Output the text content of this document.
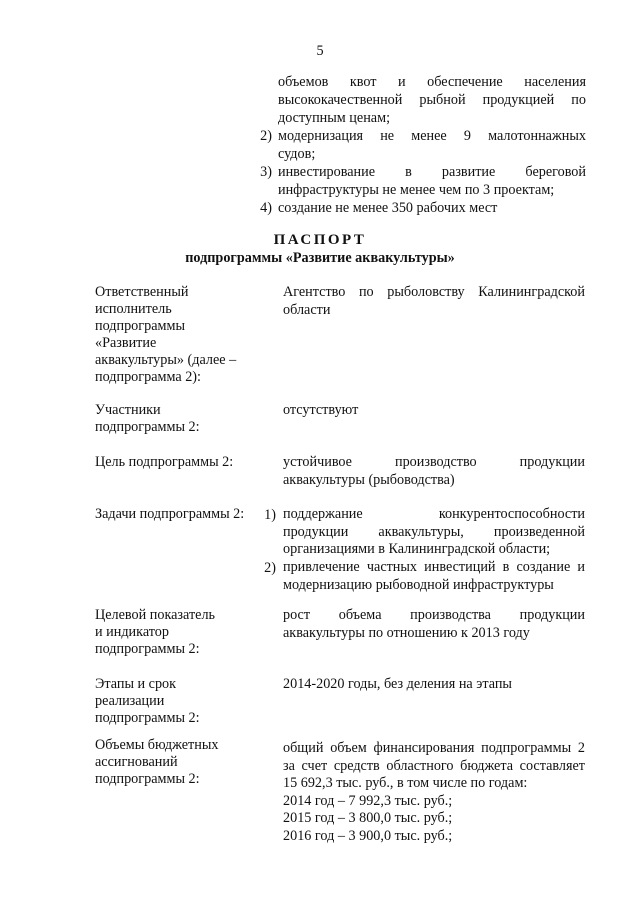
5
объемов квот и обеспечение населения
высококачественной рыбной продукцией по
доступным ценам;
2) модернизация не менее 9 малотоннажных
судов;
3) инвестирование в развитие береговой
инфраструктуры не менее чем по 3 проектам;
4) создание не менее 350 рабочих мест
ПАСПОРТ
подпрограммы «Развитие аквакультуры»
Ответственный
исполнитель
подпрограммы
«Развитие
аквакультуры» (далее –
подпрограмма 2):
Агентство по рыболовству Калининградской
области
Участники
подпрограммы 2:
отсутствуют
Цель подпрограммы 2:	устойчивое производство продукции
аквакультуры (рыбоводства)
Задачи подпрограммы 2:	1) поддержание конкурентоспособности
продукции аквакультуры, произведенной
организациями в Калининградской области;
2) привлечение частных инвестиций в создание и
модернизацию рыбоводной инфраструктуры
Целевой показатель
и индикатор
подпрограммы 2:
рост объема производства продукции
аквакультуры по отношению к 2013 году
Этапы и срок
реализации
подпрограммы 2:
2014-2020 годы, без деления на этапы
Объемы бюджетных
ассигнований
подпрограммы 2:
общий объем финансирования подпрограммы 2
за счет средств областного бюджета составляет
15 692,3 тыс. руб., в том числе по годам:
2014 год – 7 992,3 тыс. руб.;
2015 год – 3 800,0 тыс. руб.;
2016 год – 3 900,0 тыс. руб.;
